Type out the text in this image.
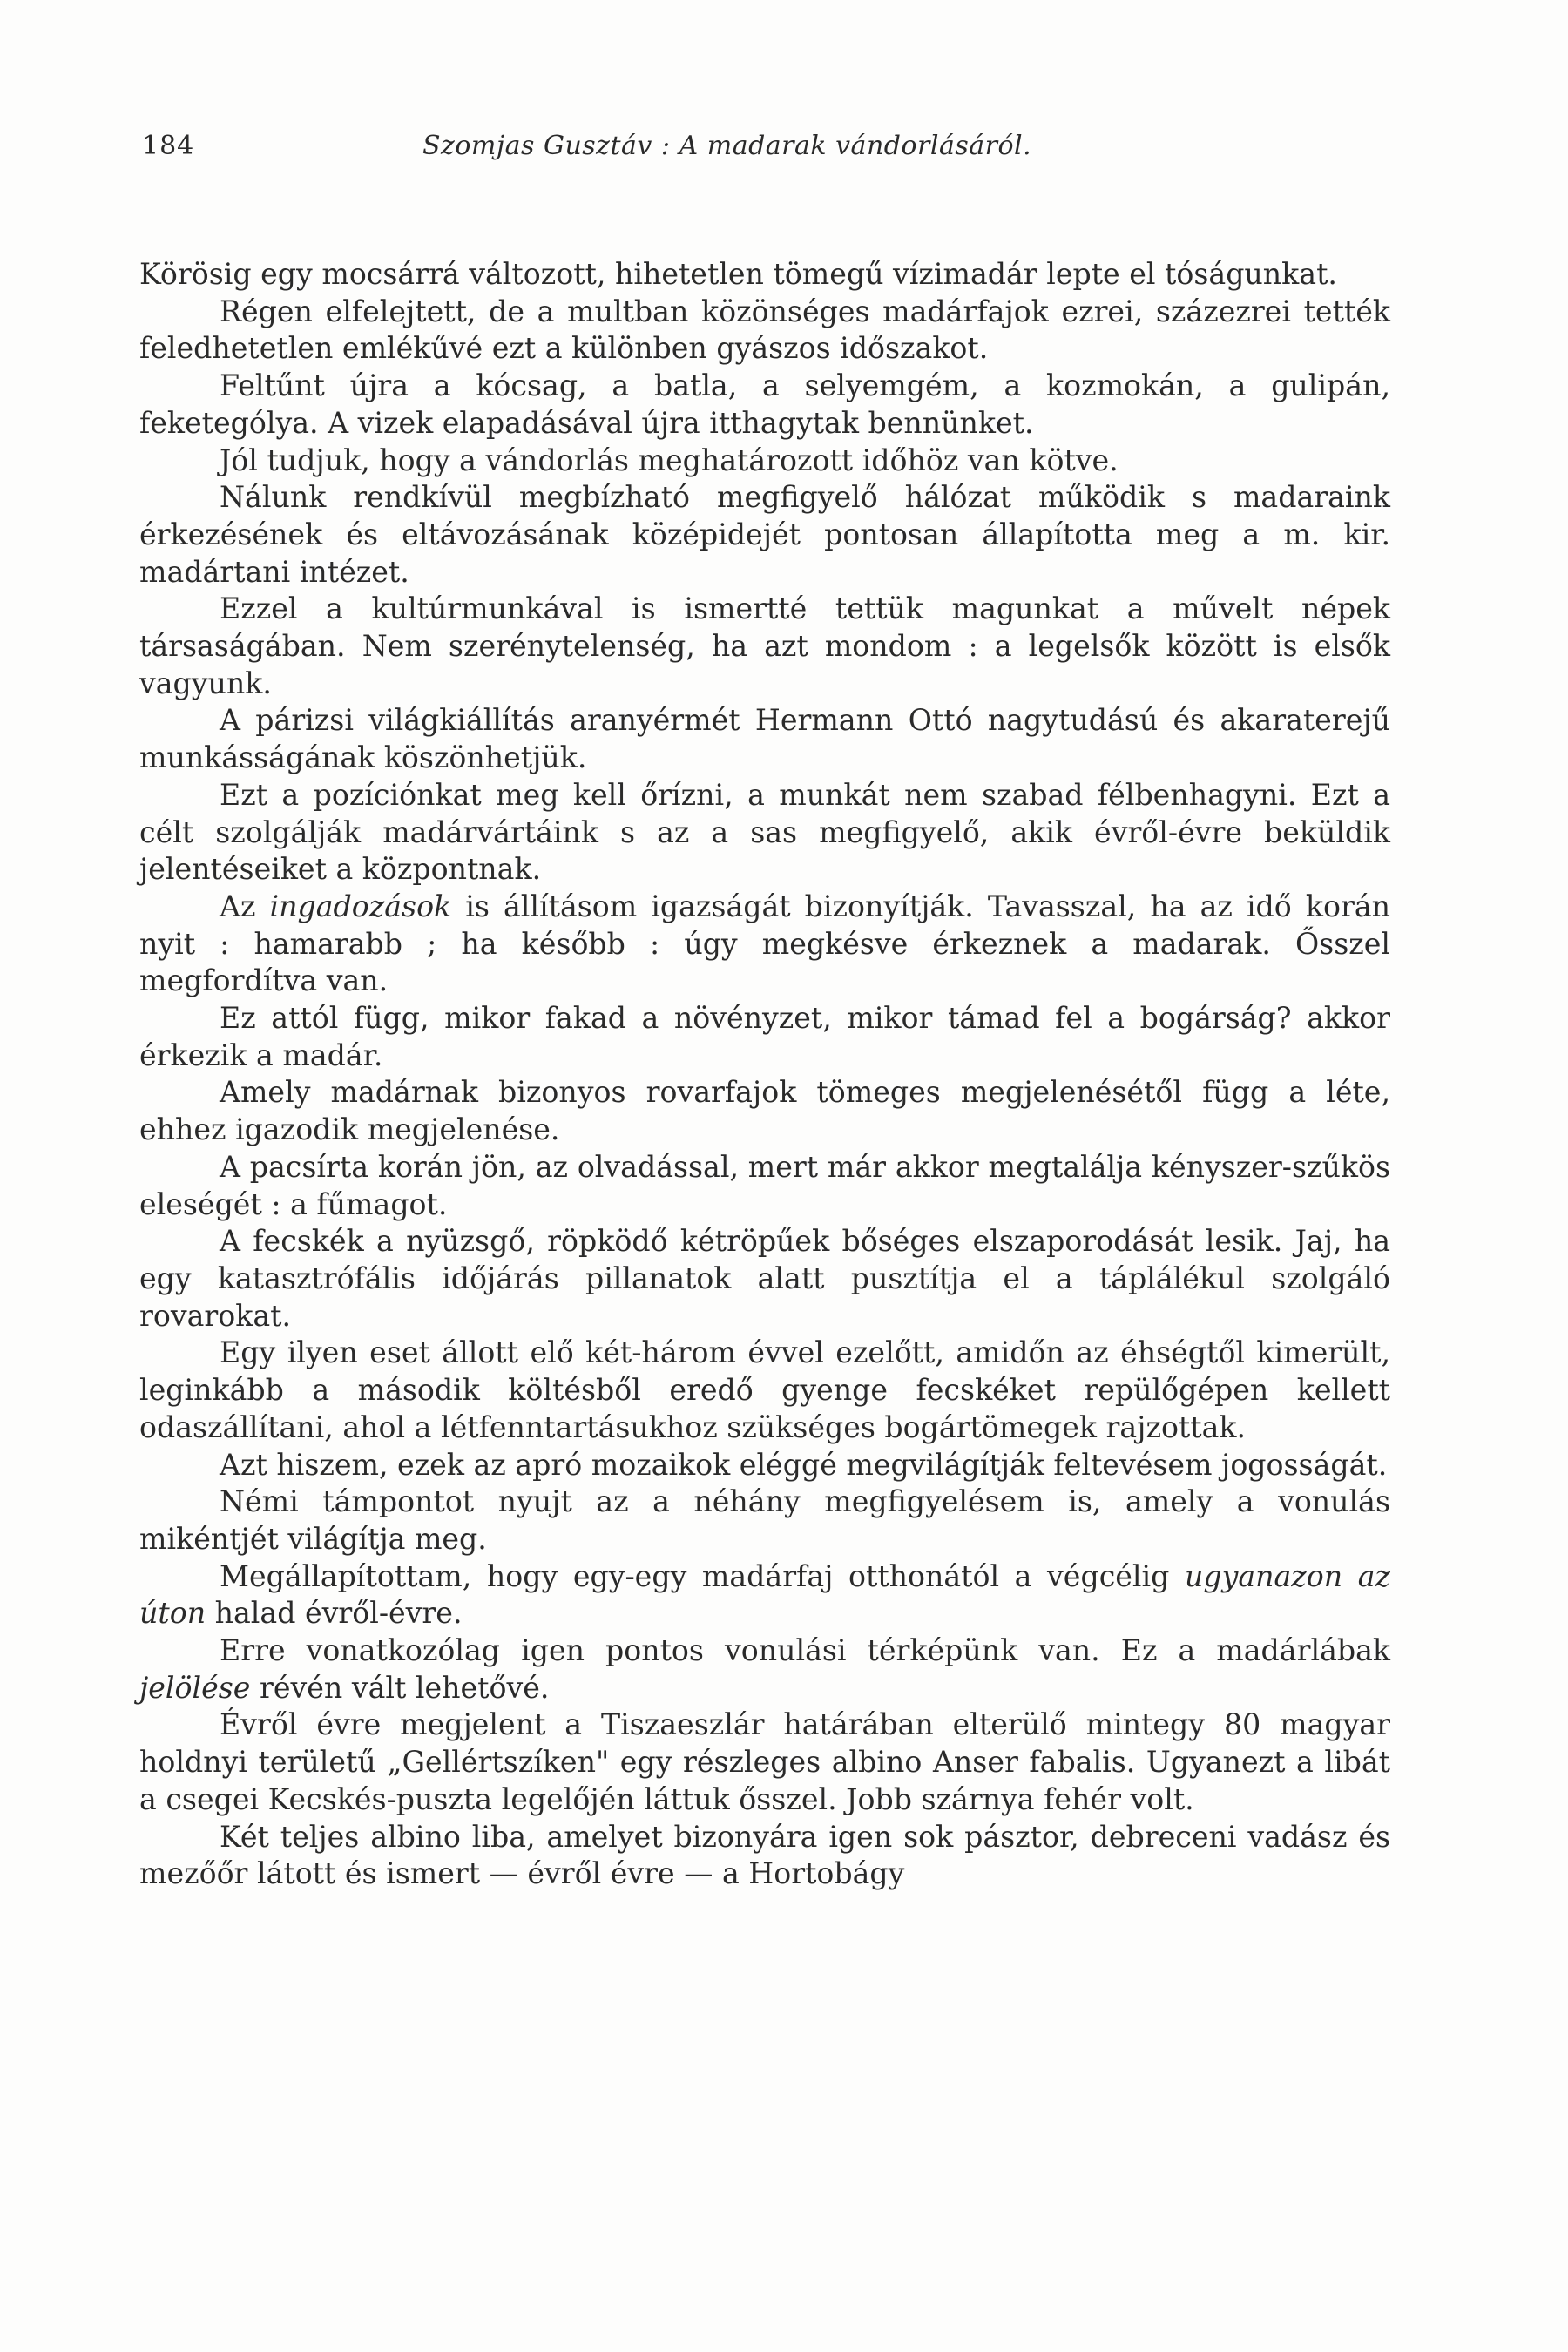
184	Szomjas Gusztáv : A madarak vándorlásáról.

Körösig egy mocsárrá változott, hihetetlen tömegű vízimadár lepte el tóságunkat.

Régen elfelejtett, de a multban közönséges madárfajok ezrei, százezrei tették feledhetetlen emlékűvé ezt a különben gyászos időszakot.

Feltűnt újra a kócsag, a batla, a selyemgém, a kozmokán, a gulipán, feketególya. A vizek elapadásával újra itthagytak bennünket.

Jól tudjuk, hogy a vándorlás meghatározott időhöz van kötve.

Nálunk rendkívül megbízható megfigyelő hálózat működik s madaraink érkezésének és eltávozásának középidejét pontosan állapította meg a m. kir. madártani intézet.

Ezzel a kultúrmunkával is ismertté tettük magunkat a művelt népek társaságában. Nem szerénytelenség, ha azt mondom : a legelsők között is elsők vagyunk.

A párizsi világkiállítás aranyérmét Hermann Ottó nagytudású és akaraterejű munkásságának köszönhetjük.

Ezt a pozíciónkat meg kell őrízni, a munkát nem szabad félbenhagyni. Ezt a célt szolgálják madárvártáink s az a sas megfigyelő, akik évről-évre beküldik jelentéseiket a központnak.

Az ingadozások is állításom igazságát bizonyítják. Tavasszal, ha az idő korán nyit : hamarabb ; ha később : úgy megkésve érkeznek a madarak. Ősszel megfordítva van.

Ez attól függ, mikor fakad a növényzet, mikor támad fel a bogárság? akkor érkezik a madár.

Amely madárnak bizonyos rovarfajok tömeges megjelenésétől függ a léte, ehhez igazodik megjelenése.

A pacsírta korán jön, az olvadással, mert már akkor megtalálja kényszer-szűkös eleségét : a fűmagot.

A fecskék a nyüzsgő, röpködő kétröpűek bőséges elszaporodását lesik. Jaj, ha egy katasztrófális időjárás pillanatok alatt pusztítja el a táplálékul szolgáló rovarokat.

Egy ilyen eset állott elő két-három évvel ezelőtt, amidőn az éhségtől kimerült, leginkább a második költésből eredő gyenge fecskéket repülőgépen kellett odaszállítani, ahol a létfenntartásukhoz szükséges bogártömegek rajzottak.

Azt hiszem, ezek az apró mozaikok eléggé megvilágítják feltevésem jogosságát.

Némi támpontot nyujt az a néhány megfigyelésem is, amely a vonulás mikéntjét világítja meg.

Megállapítottam, hogy egy-egy madárfaj otthonától a végcélig ugyanazon az úton halad évről-évre.

Erre vonatkozólag igen pontos vonulási térképünk van. Ez a madárlábak jelölése révén vált lehetővé.

Évről évre megjelent a Tiszaeszlár határában elterülő mintegy 80 magyar holdnyi területű „Gellértszíken" egy részleges albino Anser fabalis. Ugyanezt a libát a csegei Kecskés-puszta legelőjén láttuk ősszel. Jobb szárnya fehér volt.

Két teljes albino liba, amelyet bizonyára igen sok pásztor, debreceni vadász és mezőőr látott és ismert — évről évre — a Hortobágy
